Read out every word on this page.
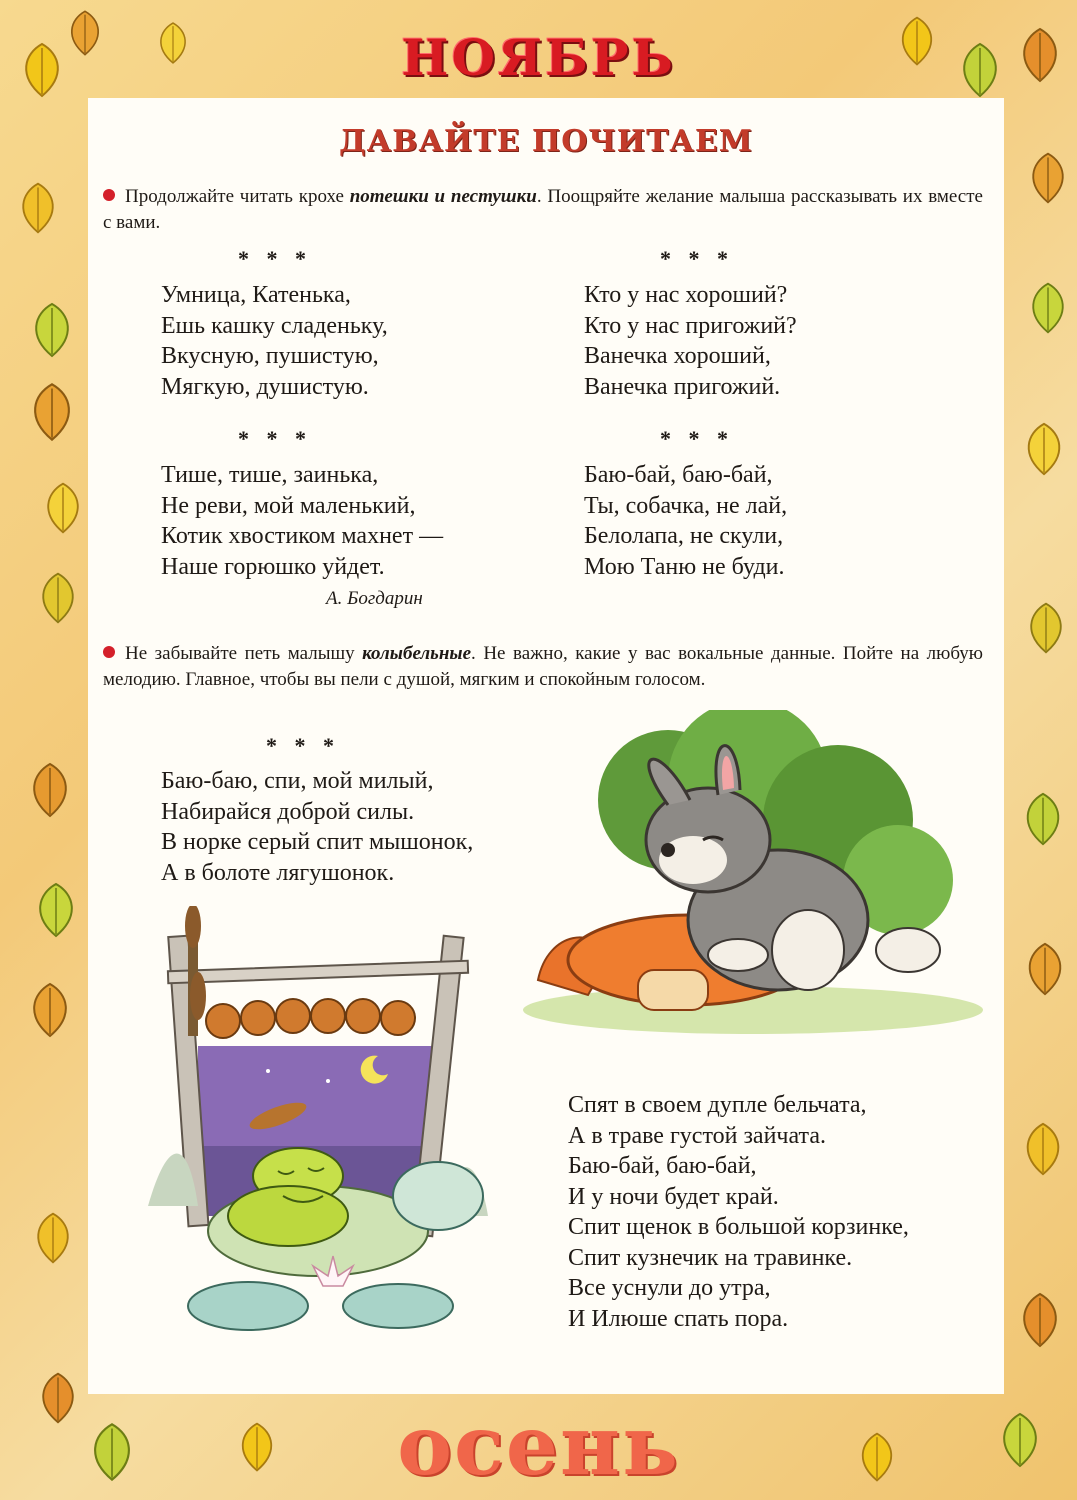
НОЯБРЬ
ДАВАЙТЕ ПОЧИТАЕМ
Продолжайте читать крохе потешки и пестушки. Поощряйте желание малыша рассказывать их вместе с вами.
* * *	* * *
Умница, Катенька,
Ешь кашку сладеньку,
Вкусную, пушистую,
Мягкую, душистую.
Кто у нас хороший?
Кто у нас пригожий?
Ванечка хороший,
Ванечка пригожий.
* * *	* * *
Тише, тише, заинька,
Не реви, мой маленький,
Котик хвостиком махнет —
Наше горюшко уйдет.
А. Богдарин
Баю-бай, баю-бай,
Ты, собачка, не лай,
Белолапа, не скули,
Мою Таню не буди.
Не забывайте петь малышу колыбельные. Не важно, какие у вас вокальные данные. Пойте на любую мелодию. Главное, чтобы вы пели с душой, мягким и спокойным голосом.
* * *
Баю-баю, спи, мой милый,
Набирайся доброй силы.
В норке серый спит мышонок,
А в болоте лягушонок.
Спят в своем дупле бельчата,
А в траве густой зайчата.
Баю-бай, баю-бай,
И у ночи будет край.
Спит щенок в большой корзинке,
Спит кузнечик на травинке.
Все уснули до утра,
И Илюше спать пора.
осень
